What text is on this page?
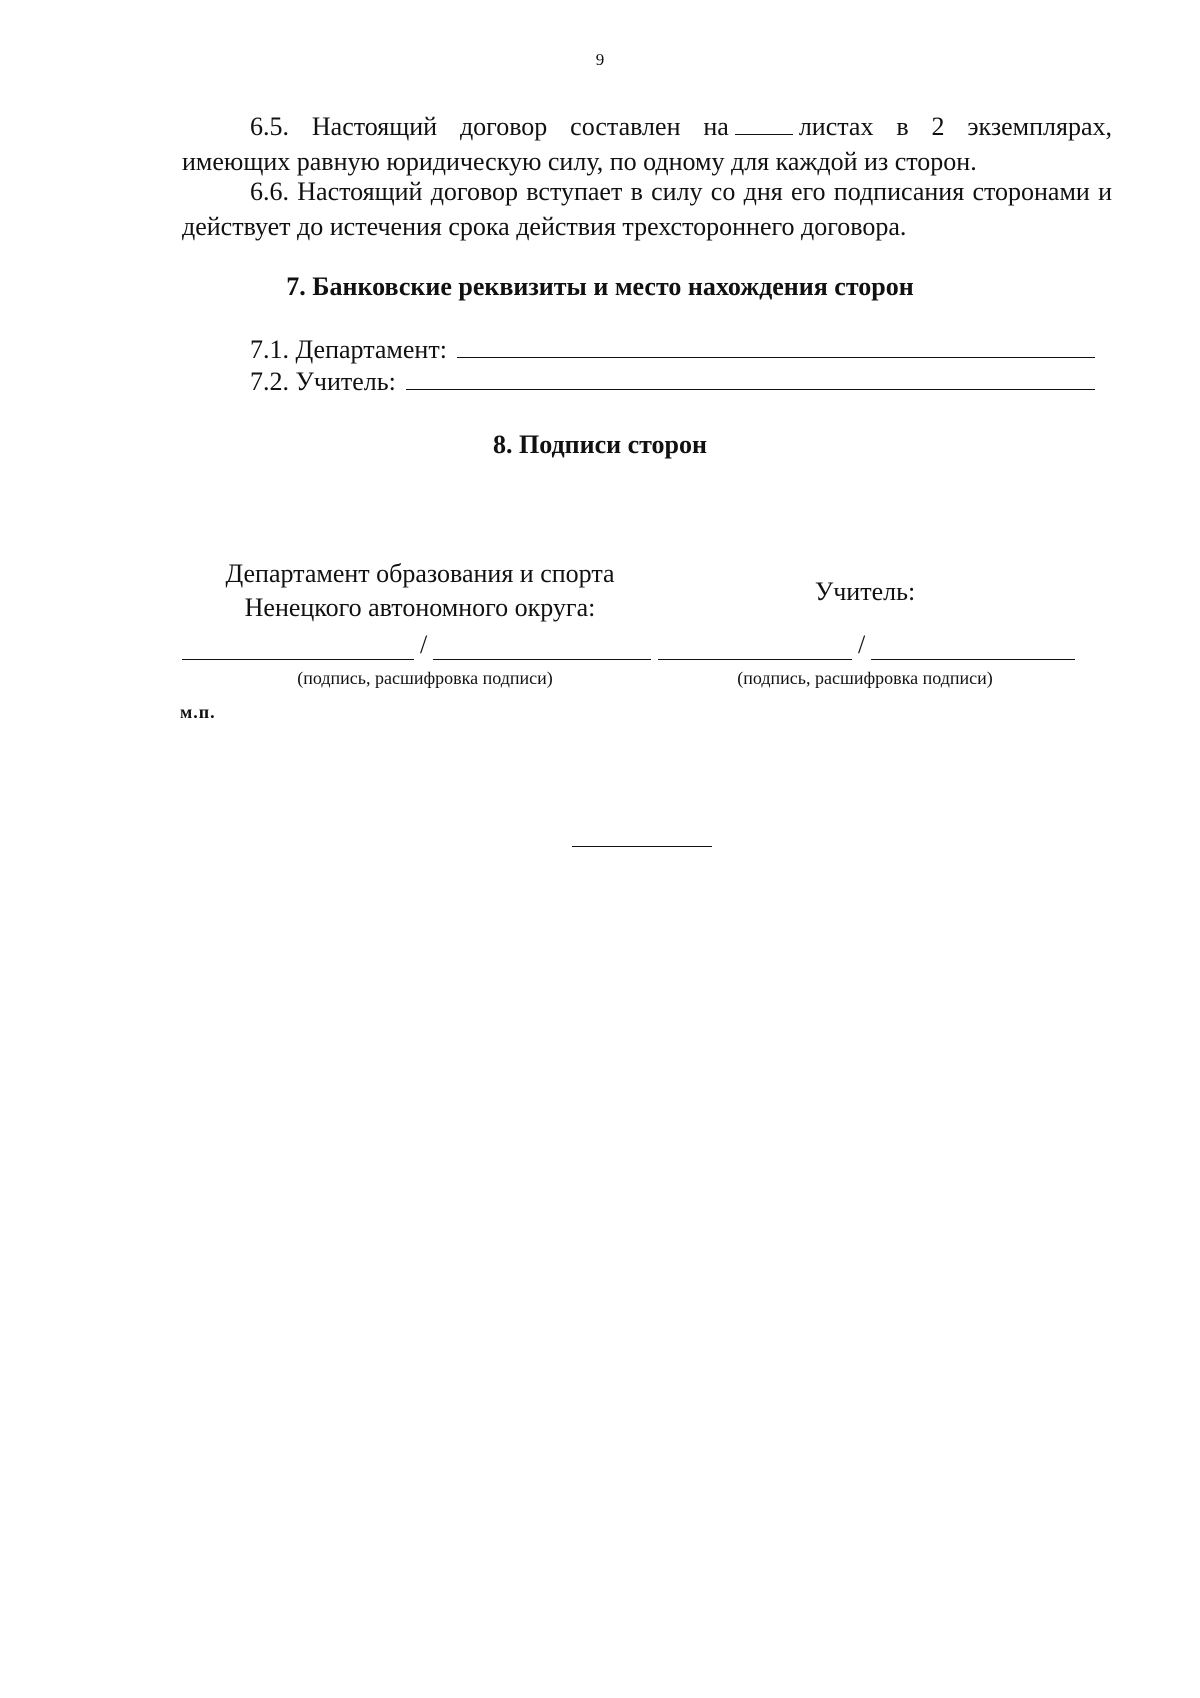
9

6.5. Настоящий договор составлен на	листах в 2 экземплярах, имеющих равную юридическую силу, по одному для каждой из сторон.

6.6. Настоящий договор вступает в силу со дня его подписания сторонами и действует до истечения срока действия трехстороннего договора.

7. Банковские реквизиты и место нахождения сторон
7.1. Департамент:
7.2. Учитель:
8. Подписи сторон
Департамент образования и спорта
Ненецкого автономного округа:
Учитель:
/	/
(подпись, расшифровка подписи)	(подпись, расшифровка подписи)
м.п.
